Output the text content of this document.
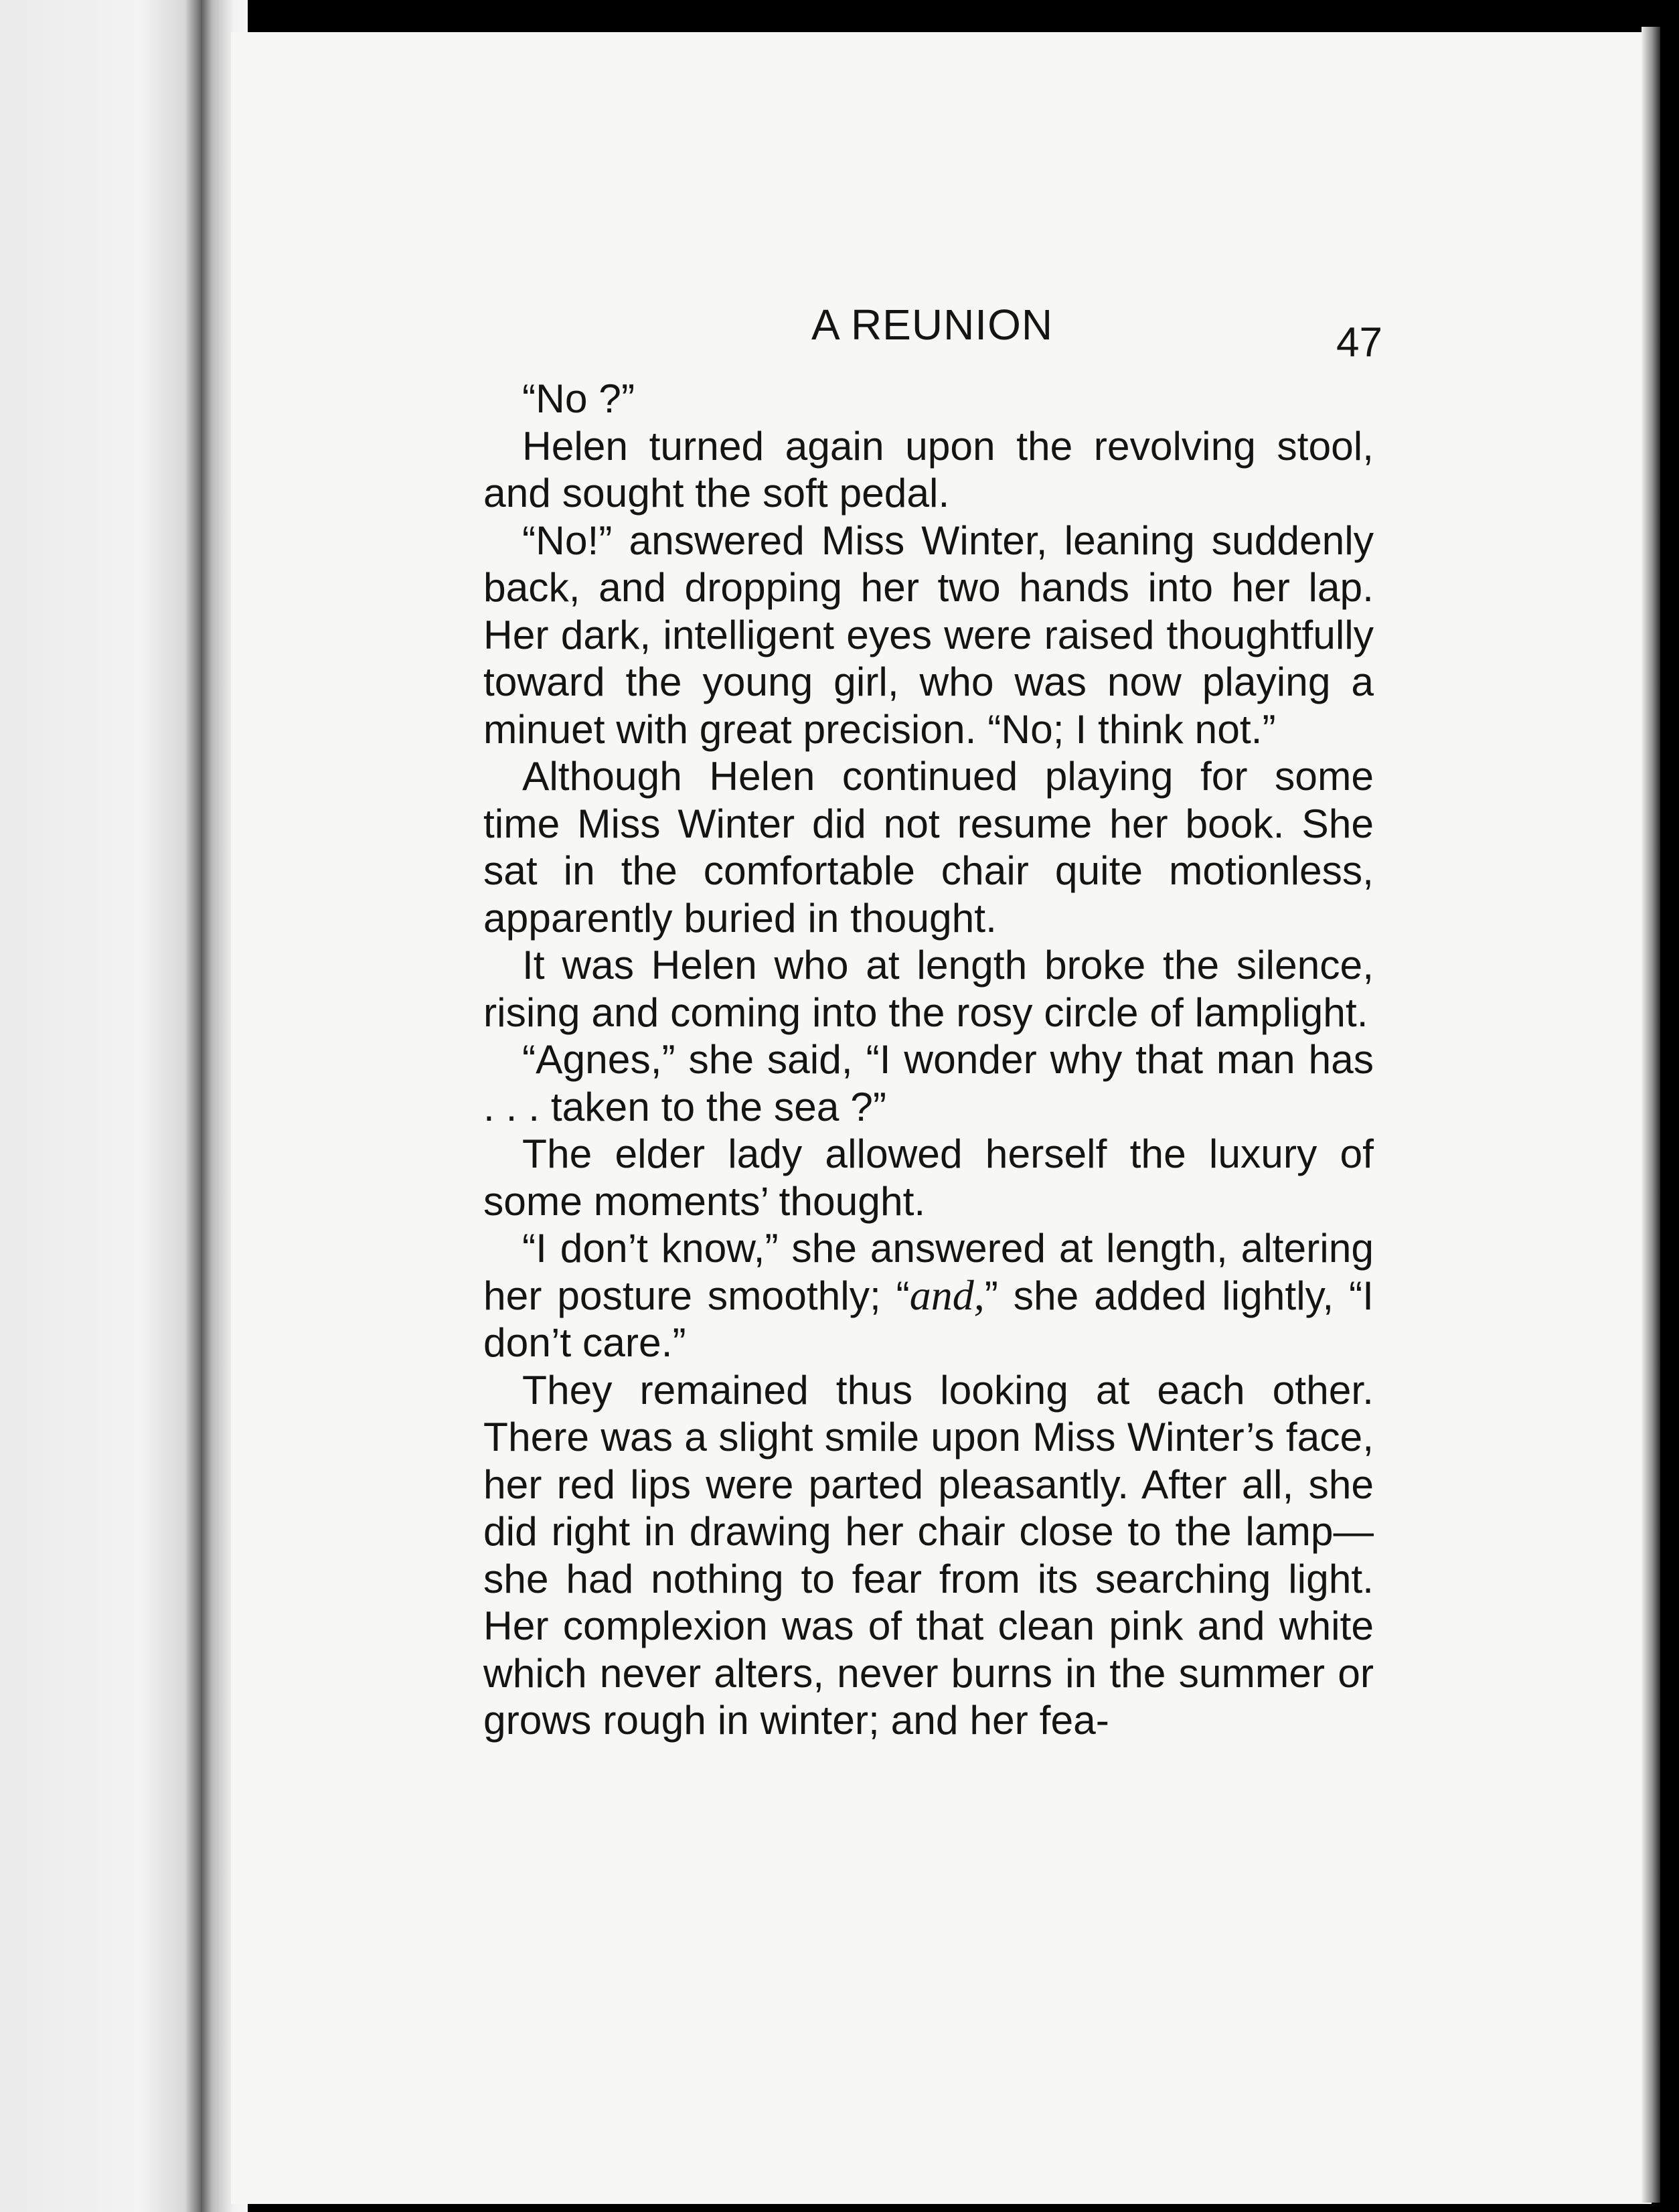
A REUNION	47

“No ?”

Helen turned again upon the revolving stool, and sought the soft pedal.

“No!” answered Miss Winter, leaning suddenly back, and dropping her two hands into her lap. Her dark, intelligent eyes were raised thoughtfully toward the young girl, who was now playing a minuet with great precision. “No; I think not.”

Although Helen continued playing for some time Miss Winter did not resume her book. She sat in the comfortable chair quite motionless, apparently buried in thought.

It was Helen who at length broke the silence, rising and coming into the rosy circle of lamplight.

“Agnes,” she said, “I wonder why that man has . . . taken to the sea ?”

The elder lady allowed herself the luxury of some moments’ thought.

“I don’t know,” she answered at length, altering her posture smoothly; “and,” she added lightly, “I don’t care.”

They remained thus looking at each other. There was a slight smile upon Miss Winter’s face, her red lips were parted pleasantly. After all, she did right in drawing her chair close to the lamp—she had nothing to fear from its searching light. Her complexion was of that clean pink and white which never alters, never burns in the summer or grows rough in winter; and her fea-
